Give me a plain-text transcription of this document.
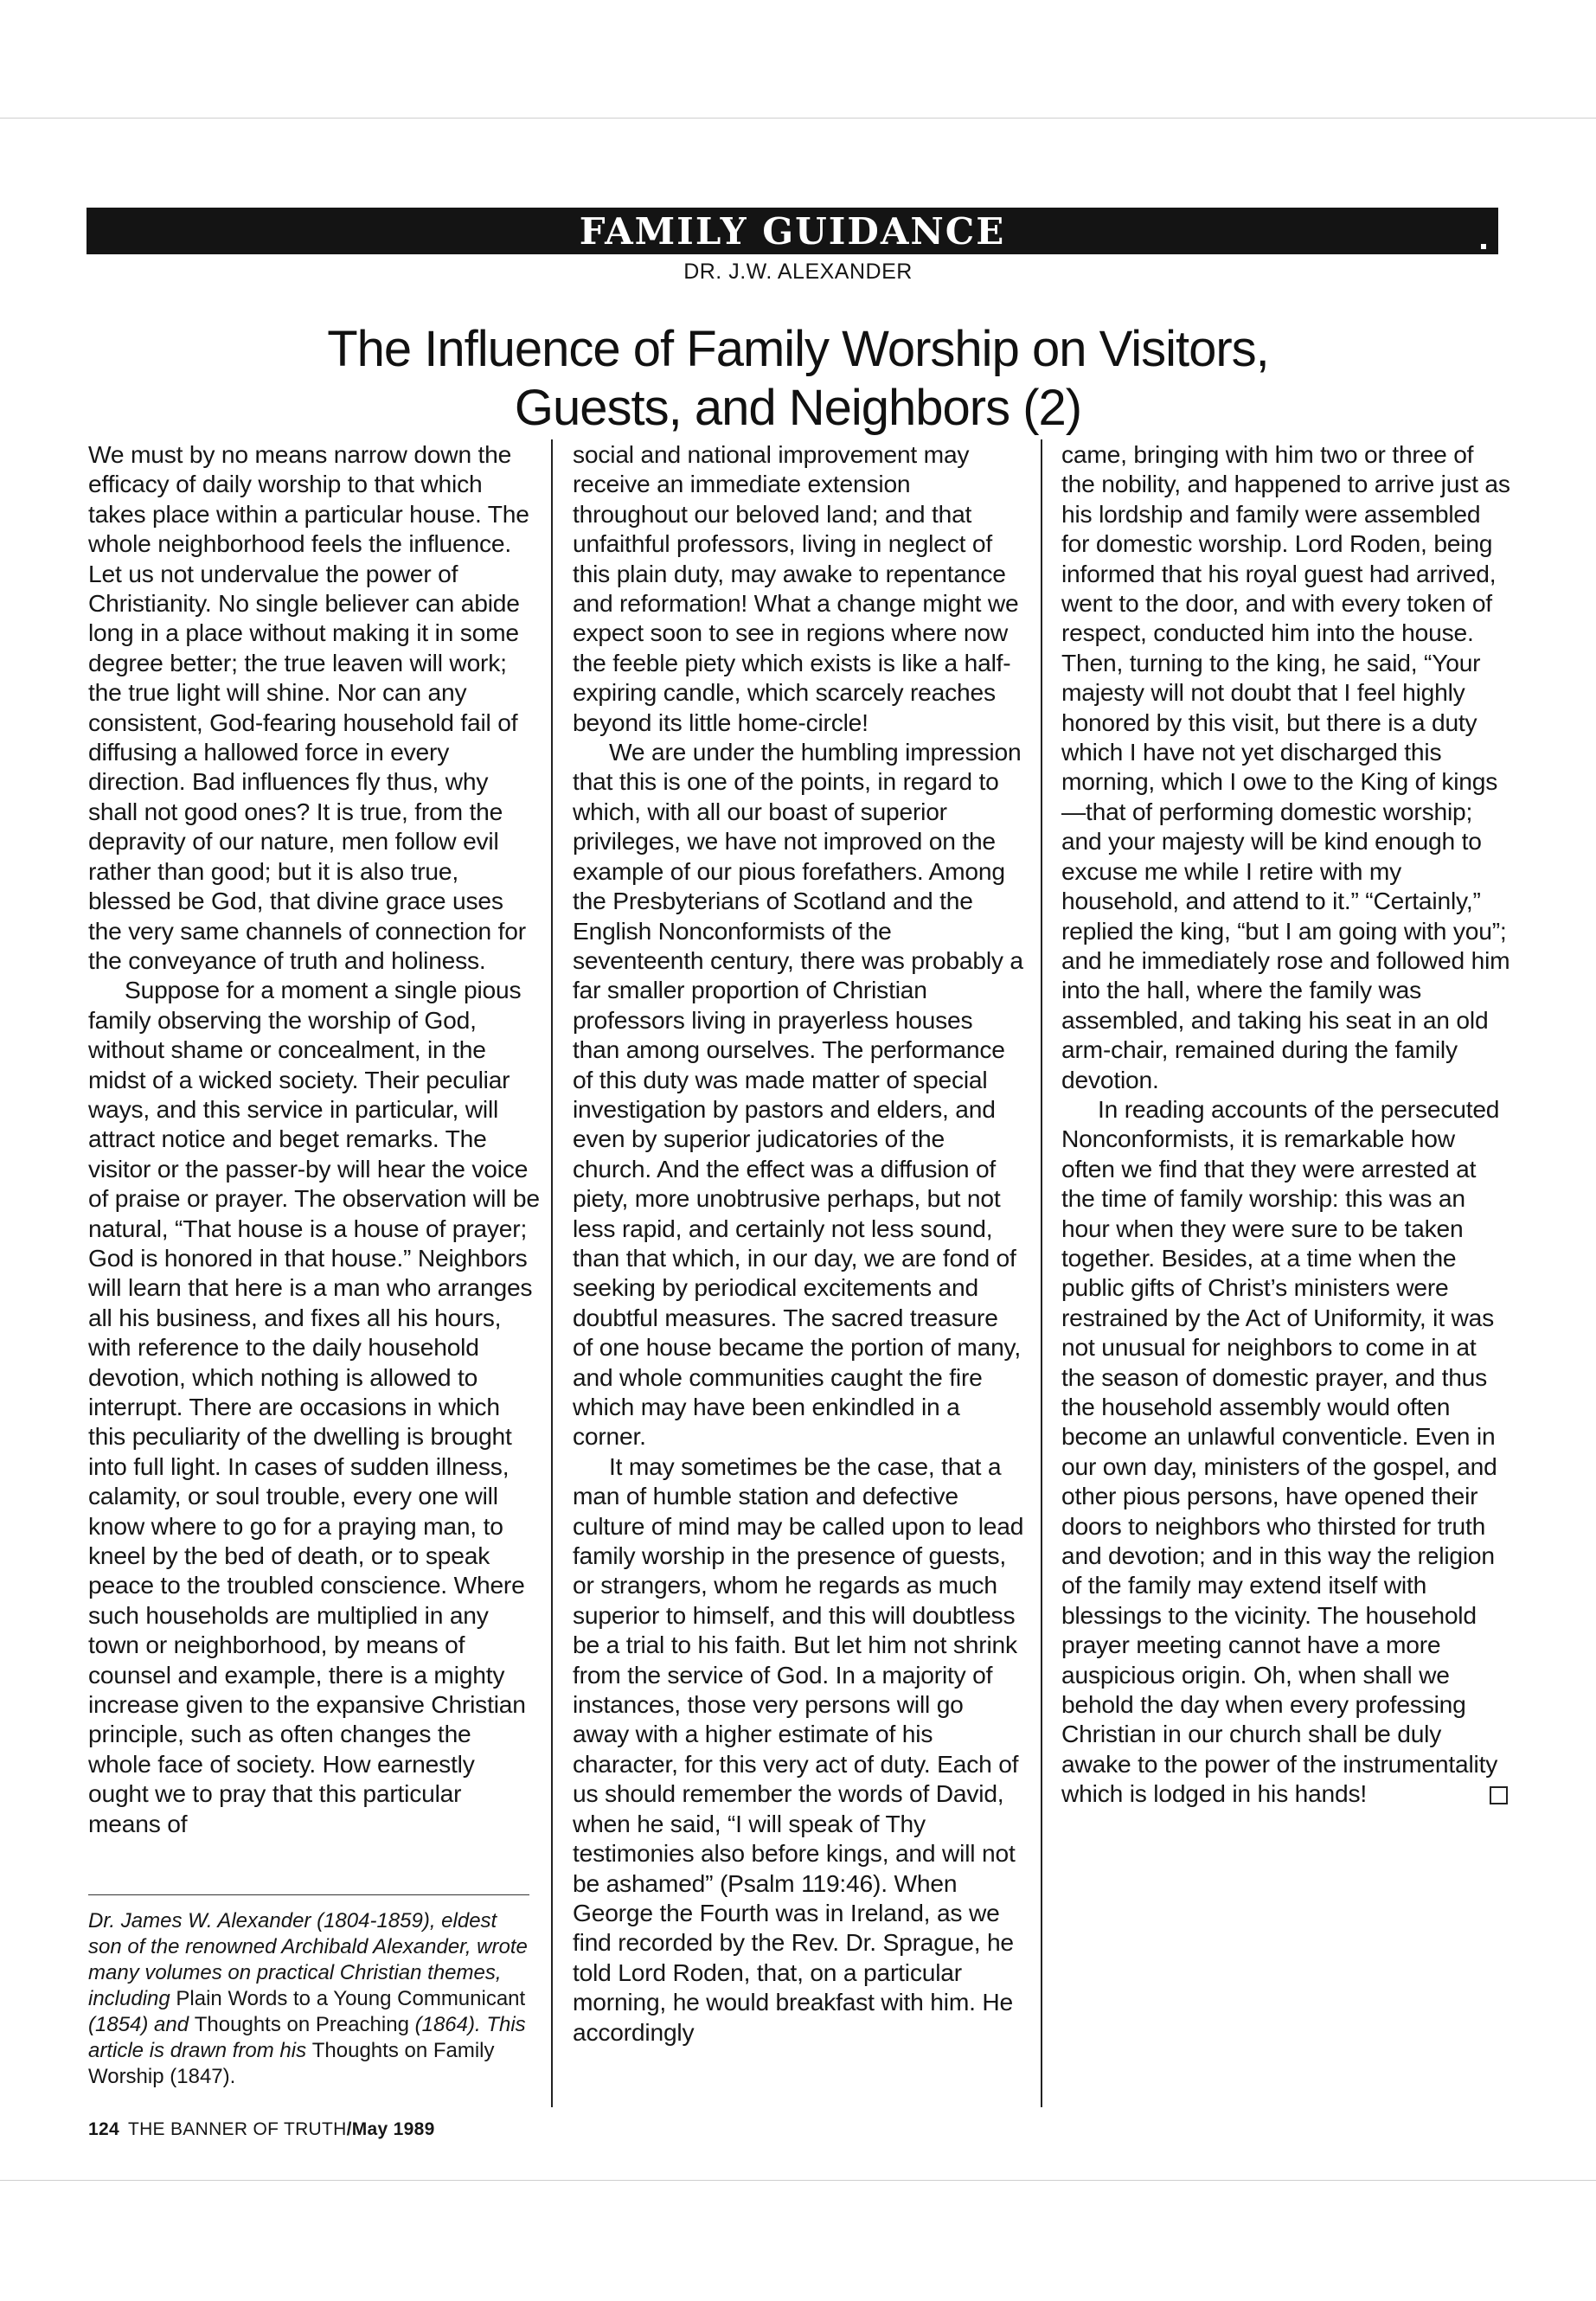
FAMILY GUIDANCE
DR. J.W. ALEXANDER
The Influence of Family Worship on Visitors,
Guests, and Neighbors (2)

We must by no means narrow down the efficacy of daily worship to that which takes place within a particular house. The whole neighborhood feels the influence. Let us not undervalue the power of Christianity. No single believer can abide long in a place without making it in some degree better; the true leaven will work; the true light will shine. Nor can any consistent, God-fearing household fail of diffusing a hallowed force in every direction. Bad influences fly thus, why shall not good ones? It is true, from the depravity of our nature, men follow evil rather than good; but it is also true, blessed be God, that divine grace uses the very same channels of connection for the conveyance of truth and holiness.

Suppose for a moment a single pious family observing the worship of God, without shame or concealment, in the midst of a wicked society. Their peculiar ways, and this service in particular, will attract notice and beget remarks. The visitor or the passer-by will hear the voice of praise or prayer. The observation will be natural, “That house is a house of prayer; God is honored in that house.” Neighbors will learn that here is a man who arranges all his business, and fixes all his hours, with reference to the daily household devotion, which nothing is allowed to interrupt. There are occasions in which this peculiarity of the dwelling is brought into full light. In cases of sudden illness, calamity, or soul trouble, every one will know where to go for a praying man, to kneel by the bed of death, or to speak peace to the troubled conscience. Where such households are multiplied in any town or neighborhood, by means of counsel and example, there is a mighty increase given to the expansive Christian principle, such as often changes the whole face of society. How earnestly ought we to pray that this particular means of

social and national improvement may receive an immediate extension throughout our beloved land; and that unfaithful professors, living in neglect of this plain duty, may awake to repentance and reformation! What a change might we expect soon to see in regions where now the feeble piety which exists is like a half-expiring candle, which scarcely reaches beyond its little home-circle!

We are under the humbling impression that this is one of the points, in regard to which, with all our boast of superior privileges, we have not improved on the example of our pious forefathers. Among the Presbyterians of Scotland and the English Nonconformists of the seventeenth century, there was probably a far smaller proportion of Christian professors living in prayerless houses than among ourselves. The performance of this duty was made matter of special investigation by pastors and elders, and even by superior judicatories of the church. And the effect was a diffusion of piety, more unobtrusive perhaps, but not less rapid, and certainly not less sound, than that which, in our day, we are fond of seeking by periodical excitements and doubtful measures. The sacred treasure of one house became the portion of many, and whole communities caught the fire which may have been enkindled in a corner.

It may sometimes be the case, that a man of humble station and defective culture of mind may be called upon to lead family worship in the presence of guests, or strangers, whom he regards as much superior to himself, and this will doubtless be a trial to his faith. But let him not shrink from the service of God. In a majority of instances, those very persons will go away with a higher estimate of his character, for this very act of duty. Each of us should remember the words of David, when he said, “I will speak of Thy testimonies also before kings, and will not be ashamed” (Psalm 119:46). When George the Fourth was in Ireland, as we find recorded by the Rev. Dr. Sprague, he told Lord Roden, that, on a particular morning, he would breakfast with him. He accordingly

came, bringing with him two or three of the nobility, and happened to arrive just as his lordship and family were assembled for domestic worship. Lord Roden, being informed that his royal guest had arrived, went to the door, and with every token of respect, conducted him into the house. Then, turning to the king, he said, “Your majesty will not doubt that I feel highly honored by this visit, but there is a duty which I have not yet discharged this morning, which I owe to the King of kings—that of performing domestic worship; and your majesty will be kind enough to excuse me while I retire with my household, and attend to it.” “Certainly,” replied the king, “but I am going with you”; and he immediately rose and followed him into the hall, where the family was assembled, and taking his seat in an old arm-chair, remained during the family devotion.

In reading accounts of the persecuted Nonconformists, it is remarkable how often we find that they were arrested at the time of family worship: this was an hour when they were sure to be taken together. Besides, at a time when the public gifts of Christ’s ministers were restrained by the Act of Uniformity, it was not unusual for neighbors to come in at the season of domestic prayer, and thus the household assembly would often become an unlawful conventicle. Even in our own day, ministers of the gospel, and other pious persons, have opened their doors to neighbors who thirsted for truth and devotion; and in this way the religion of the family may extend itself with blessings to the vicinity. The household prayer meeting cannot have a more auspicious origin. Oh, when shall we behold the day when every professing Christian in our church shall be duly awake to the power of the instrumentality which is lodged in his hands!

Dr. James W. Alexander (1804-1859), eldest son of the renowned Archibald Alexander, wrote many volumes on practical Christian themes, including Plain Words to a Young Communicant (1854) and Thoughts on Preaching (1864). This article is drawn from his Thoughts on Family Worship (1847).
124 THE BANNER OF TRUTH/May 1989
